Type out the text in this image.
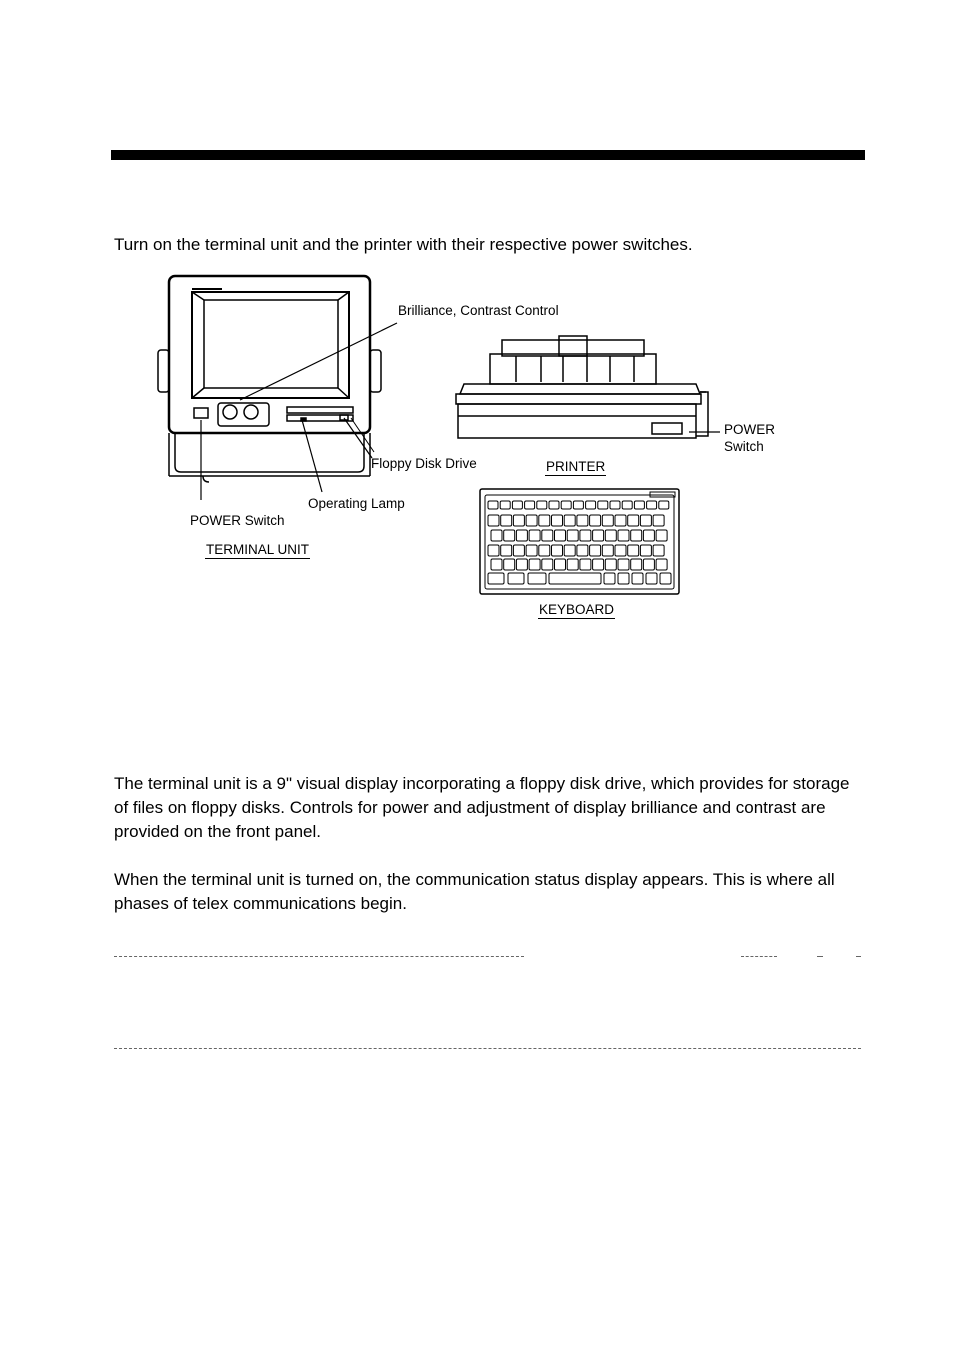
Turn on the terminal unit and the printer with their respective power switches.

Brilliance, Contrast Control
POWER
Switch
Floppy Disk Drive
Operating Lamp
POWER Switch
PRINTER
TERMINAL UNIT
KEYBOARD

The terminal unit is a 9" visual display incorporating a floppy disk drive, which provides for storage of files on floppy disks. Controls for power and adjustment of display brilliance and contrast are provided on the front panel.

When the terminal unit is turned on, the communication status display appears. This is where all phases of telex communications begin.
